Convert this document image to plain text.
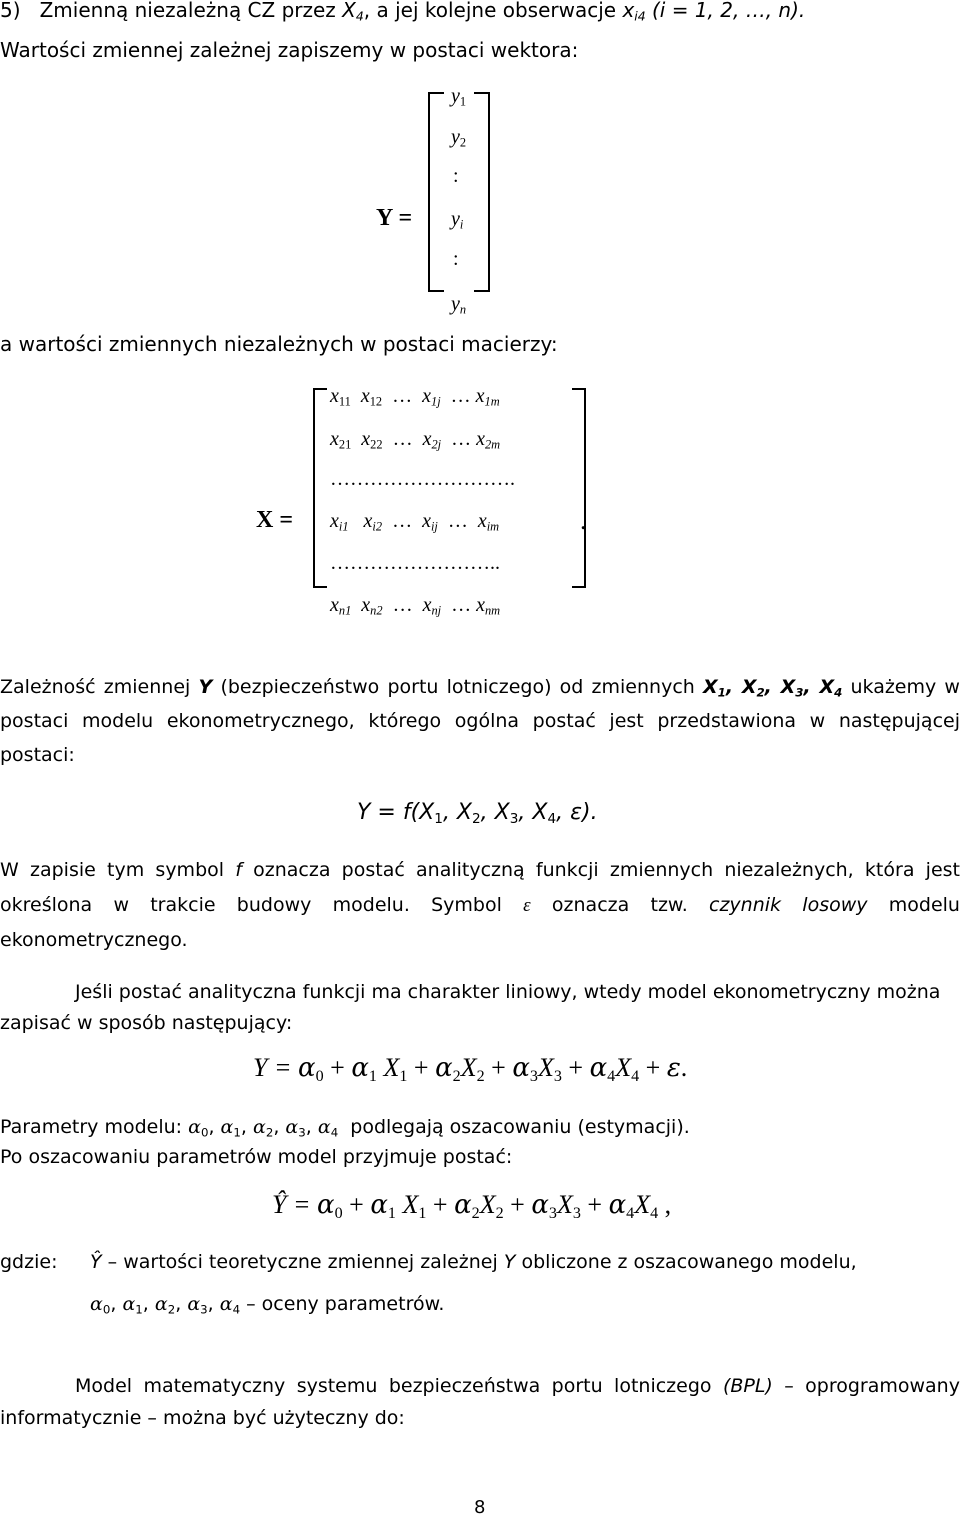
5) Zmienną niezależną CZ przez $X_4$, a jej kolejne obserwacje $x_{i4}$ (i = 1, 2, …, n).
Wartości zmiennej zależnej zapiszemy w postaci wektora:
Y =
$y_1$
$y_2$
:
$y_i$
:
$y_n$
a wartości zmiennych niezależnych w postaci macierzy:
X =
$x_{11}$  $x_{12}$ …  $x_{1j}$ … $x_{1m}$
$x_{21}$  $x_{22}$ …  $x_{2j}$ … $x_{2m}$
……………………….
$x_{i1}$   $x_{i2}$ …  $x_{ij}$ …  $x_{im}$	.
……………………..
$x_{n1}$  $x_{n2}$ …  $x_{nj}$ … $x_{nm}$
Zależność zmiennej Y (bezpieczeństwo portu lotniczego) od zmiennych $X_1$, $X_2$, $X_3$, $X_4$ ukażemy w
postaci modelu ekonometrycznego, którego ogólna postać jest przedstawiona w następującej
postaci:
$Y = f(X_1$, $X_2$, $X_3$, $X_4$, ε).
W zapisie tym symbol f oznacza postać analityczną funkcji zmiennych niezależnych, która jest
określona w trakcie budowy modelu. Symbol ε oznacza tzw. czynnik losowy modelu
ekonometrycznego.
Jeśli postać analityczna funkcji ma charakter liniowy, wtedy model ekonometryczny można
zapisać w sposób następujący:
$Y = \alpha_0 + \alpha_1$ $X_1 + \alpha_2X_2 + \alpha_3X_3 + \alpha_4X_4 + \varepsilon$.
Parametry modelu: $\alpha_0$, $\alpha_1$, $\alpha_2$, $\alpha_3$, $\alpha_4$ podlegają oszacowaniu (estymacji).
Po oszacowaniu parametrów model przyjmuje postać:
Ŷ = $\alpha_0 + \alpha_1$ $X_1 + \alpha_2X_2 + \alpha_3X_3 + \alpha_4X_4$ ,
gdzie: Ŷ – wartości teoretyczne zmiennej zależnej Y obliczone z oszacowanego modelu,
$\alpha_0$, $\alpha_1$, $\alpha_2$, $\alpha_3$, $\alpha_4$ – oceny parametrów.
Model matematyczny systemu bezpieczeństwa portu lotniczego (BPL) – oprogramowany
informatycznie – można być użyteczny do:
8
